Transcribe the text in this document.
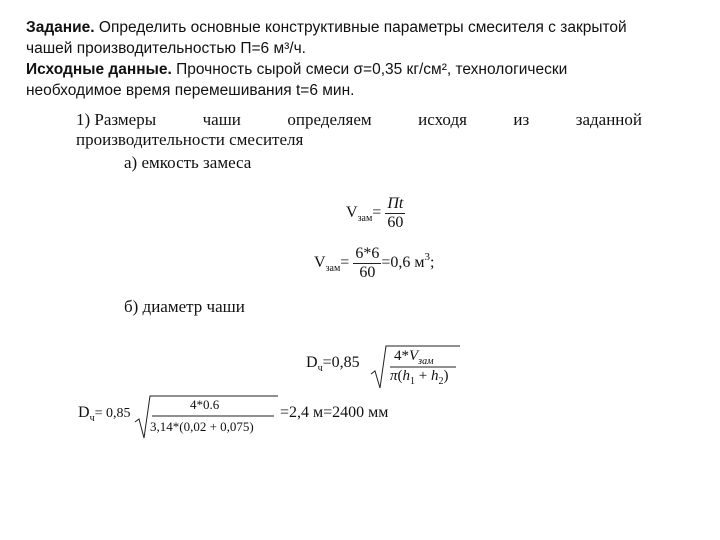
Задание. Определить основные конструктивные параметры смесителя с закрытой
чашей производительностью П=6 м³/ч.
Исходные данные. Прочность сырой смеси σ=0,35 кг/см², технологически
необходимое время перемешивания t=6 мин.
1) Размеры	чаши	определяем	исходя	из	заданной
производительности смесителя
а) емкость замеса
$V_{зам}= \frac{Пt}{60}$
$V_{зам}= \frac{6*6}{60} =0,6$ $м^3$;
б) диаметр чаши
$D_ч=0,85$ $4*V_{зам}$
$\pi(h_1 + h_2)$
$D_ч= 0,85$
4*0.6
3,14*(0,02 + 0,075)
=2,4 м=2400 мм
